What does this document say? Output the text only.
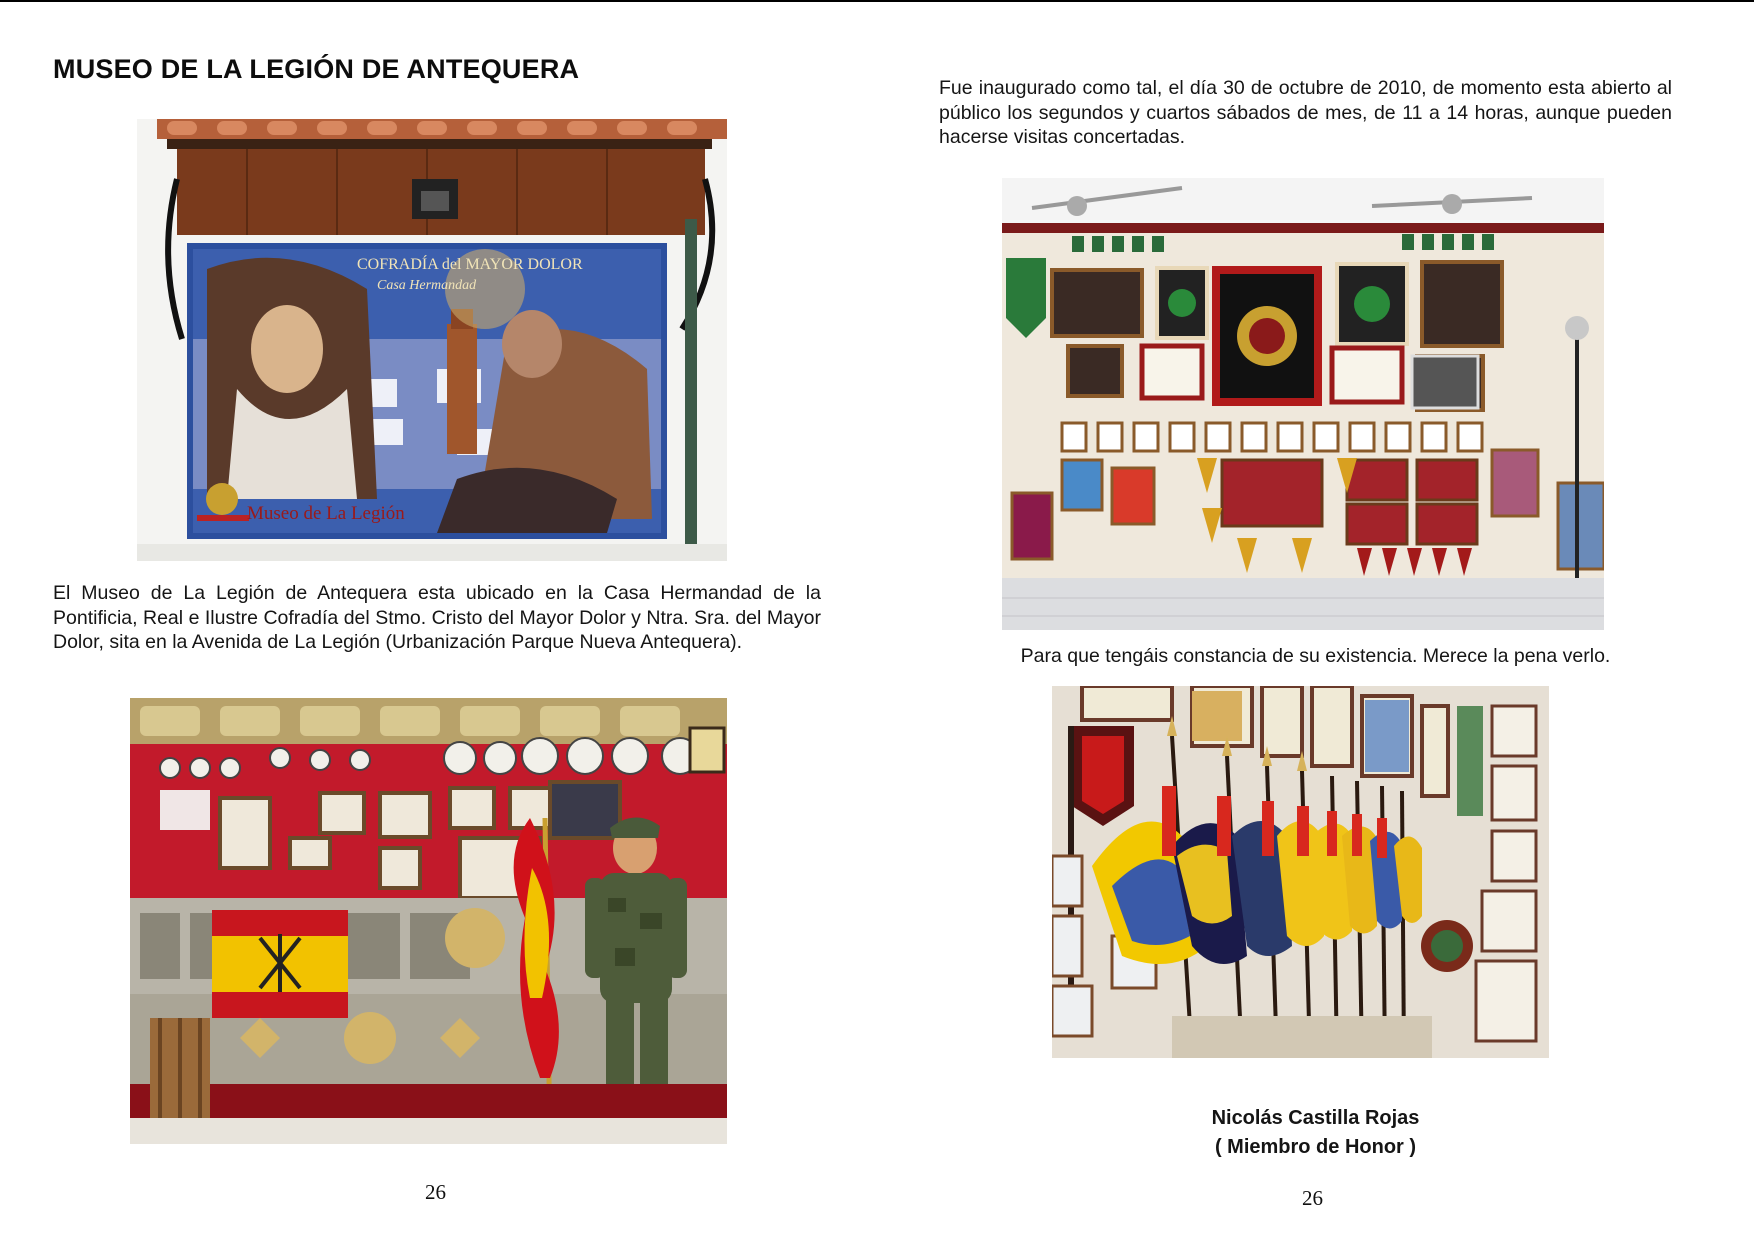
MUSEO DE LA LEGIÓN DE ANTEQUERA
COFRADÍA del MAYOR DOLOR
Casa Hermandad
Museo de La Legión

El Museo de La Legión de Antequera esta ubicado en la Casa Hermandad de la Pontificia, Real e Ilustre Cofradía del Stmo. Cristo del Mayor Dolor y Ntra. Sra. del Mayor Dolor, sita en la Avenida de La Legión (Urbanización Parque Nueva Antequera).

26

Fue inaugurado como tal, el día 30 de octubre de 2010, de momento esta abierto al público los segundos y cuartos sábados de mes, de 11 a 14 horas, aunque pueden hacerse visitas concertadas.

Para que tengáis constancia de su existencia. Merece la pena verlo.

Nicolás Castilla Rojas

( Miembro de Honor )

26
